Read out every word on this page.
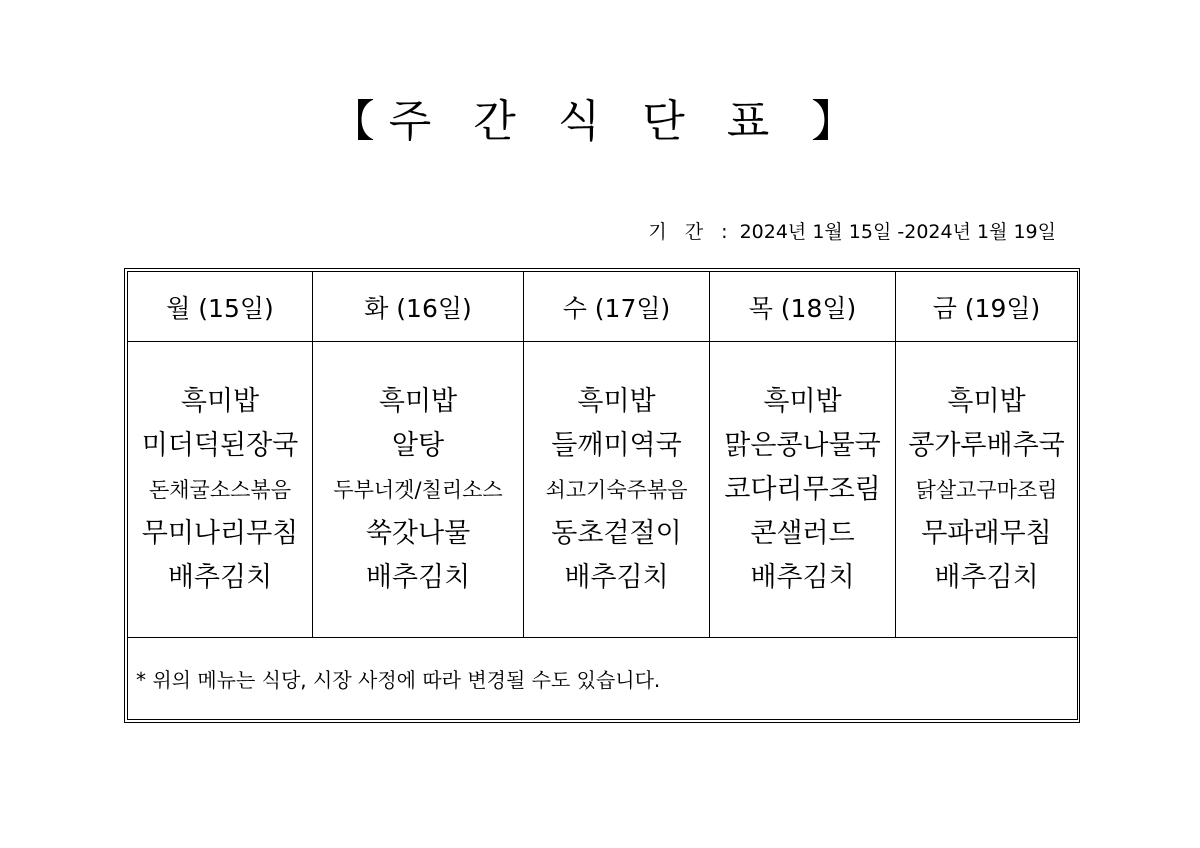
【주 간 식 단 표 】
기 간 : 2024년 1월 15일 -2024년 1월 19일
월 (15일)	화 (16일)	수 (17일)	목 (18일)	금 (19일)

흑미밥
미더덕된장국
돈채굴소스볶음
무미나리무침
배추김치	흑미밥
알탕
두부너겟/칠리소스
쑥갓나물
배추김치	흑미밥
들깨미역국
쇠고기숙주볶음
동초겉절이
배추김치	흑미밥
맑은콩나물국
코다리무조림
콘샐러드
배추김치	흑미밥
콩가루배추국
닭살고구마조림
무파래무침
배추김치

* 위의 메뉴는 식당, 시장 사정에 따라 변경될 수도 있습니다.				
